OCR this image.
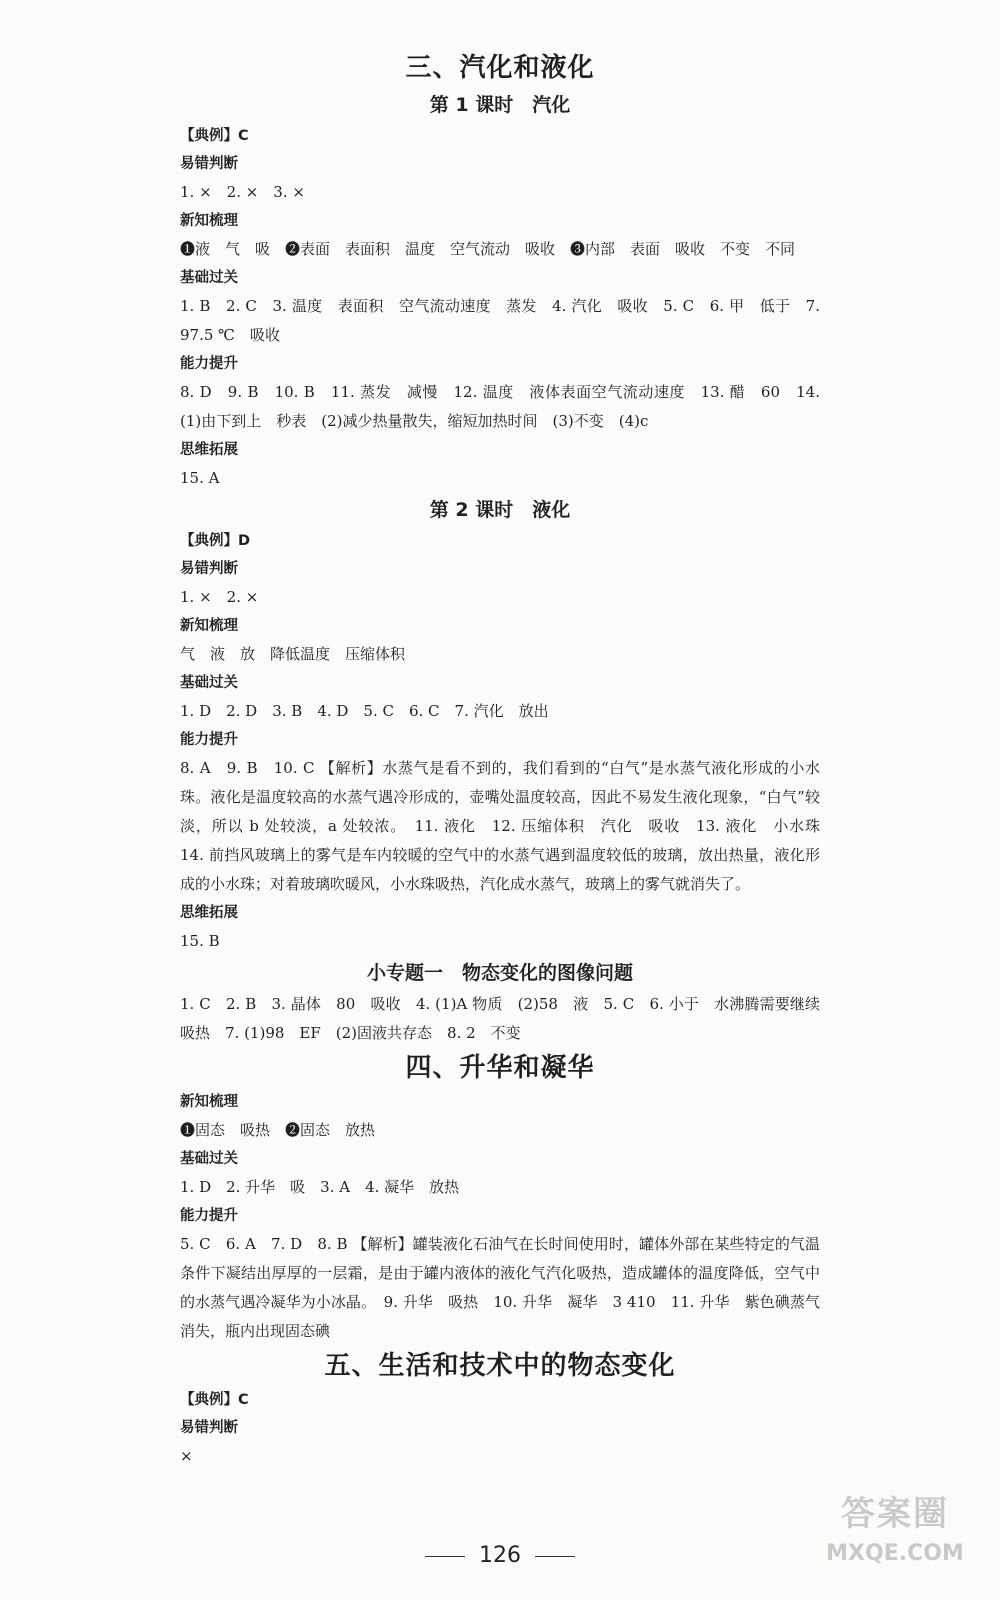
三、汽化和液化

第 1 课时　汽化

【典例】C

易错判断

1. ×　2. ×　3. ×

新知梳理

❶液　气　吸　❷表面　表面积　温度　空气流动　吸收　❸内部　表面　吸收　不变　不同

基础过关

1. B　2. C　3. 温度　表面积　空气流动速度　蒸发　4. 汽化　吸收　5. C　6. 甲　低于　7. 97.5 ℃　吸收

能力提升

8. D　9. B　10. B　11. 蒸发　减慢　12. 温度　液体表面空气流动速度　13. 醋　60　14. (1)由下到上　秒表　(2)减少热量散失，缩短加热时间　(3)不变　(4)c

思维拓展

15. A

第 2 课时　液化

【典例】D

易错判断

1. ×　2. ×

新知梳理

气　液　放　降低温度　压缩体积

基础过关

1. D　2. D　3. B　4. D　5. C　6. C　7. 汽化　放出

能力提升

8. A　9. B　10. C 【解析】水蒸气是看不到的，我们看到的“白气”是水蒸气液化形成的小水珠。液化是温度较高的水蒸气遇冷形成的，壶嘴处温度较高，因此不易发生液化现象，“白气”较淡，所以 b 处较淡，a 处较浓。　11. 液化　12. 压缩体积　汽化　吸收　13. 液化　小水珠　14. 前挡风玻璃上的雾气是车内较暖的空气中的水蒸气遇到温度较低的玻璃，放出热量，液化形成的小水珠；对着玻璃吹暖风，小水珠吸热，汽化成水蒸气，玻璃上的雾气就消失了。

思维拓展

15. B

小专题一　物态变化的图像问题

1. C　2. B　3. 晶体　80　吸收　4. (1)A 物质　(2)58　液　5. C　6. 小于　水沸腾需要继续吸热　7. (1)98　EF　(2)固液共存态　8. 2　不变

四、升华和凝华

新知梳理

❶固态　吸热　❷固态　放热

基础过关

1. D　2. 升华　吸　3. A　4. 凝华　放热

能力提升

5. C　6. A　7. D　8. B 【解析】罐装液化石油气在长时间使用时，罐体外部在某些特定的气温条件下凝结出厚厚的一层霜，是由于罐内液体的液化气汽化吸热，造成罐体的温度降低，空气中的水蒸气遇冷凝华为小冰晶。　9. 升华　吸热　10. 升华　凝华　3 410　11. 升华　紫色碘蒸气消失，瓶内出现固态碘

五、生活和技术中的物态变化

【典例】C

易错判断

×

126
答案圈
MXQE.COM
